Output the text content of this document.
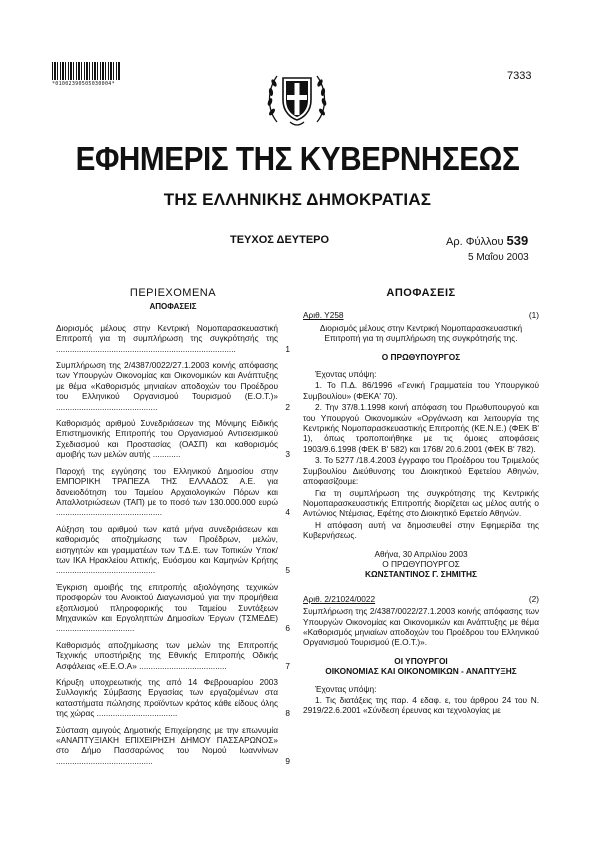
*01002390505030004*
7333
ΕΦΗΜΕΡΙΣ ΤΗΣ ΚΥΒΕΡΝΗΣΕΩΣ
ΤΗΣ ΕΛΛΗΝΙΚΗΣ ΔΗΜΟΚΡΑΤΙΑΣ
ΤΕΥΧΟΣ ΔΕΥΤΕΡΟ	Αρ. Φύλλου 539
5 Μαΐου 2003
ΠΕΡΙΕΧΟΜΕΝΑ
ΑΠΟΦΑΣΕΙΣ
Διορισμός μέλους στην Κεντρική Νομοπαρασκευαστική Επιτροπή για τη συμπλήρωση της συγκρότησής της ..............................................................................	1
Συμπλήρωση της 2/4387/0022/27.1.2003 κοινής απόφασης των Υπουργών Οικονομίας και Οικονομικών και Ανάπτυξης με θέμα «Καθορισμός μηνιαίων αποδοχών του Προέδρου του Ελληνικού Οργανισμού Τουρισμού (Ε.Ο.Τ.)» ............................................	2
Καθορισμός αριθμού Συνεδριάσεων της Μόνιμης Ειδικής Επιστημονικής Επιτροπής του Οργανισμού Αντισεισμικού Σχεδιασμού και Προστασίας (ΟΑΣΠ) και καθορισμός αμοιβής των μελών αυτής ............	3
Παροχή της εγγύησης του Ελληνικού Δημοσίου στην ΕΜΠΟΡΙΚΗ ΤΡΑΠΕΖΑ ΤΗΣ ΕΛΛΑΔΟΣ Α.Ε. για δανειοδότηση του Ταμείου Αρχαιολογικών Πόρων και Απαλλοτριώσεων (ΤΑΠ) με το ποσό των 130.000.000 ευρώ ..............................................	4
Αύξηση του αριθμού των κατά μήνα συνεδριάσεων και καθορισμός αποζημίωσης των Προέδρων, μελών, εισηγητών και γραμματέων των Τ.Δ.Ε. των Τοπικών Υποκ/των ΙΚΑ Ηρακλείου Αττικής, Ευόσμου και Καμηνών Κρήτης ...........................................	5
Έγκριση αμοιβής της επιτροπής αξιολόγησης τεχνικών προσφορών του Ανοικτού Διαγωνισμού για την προμήθεια εξοπλισμού πληροφορικής του Ταμείου Συντάξεων Μηχανικών και Εργοληπτών Δημοσίων Έργων (ΤΣΜΕΔΕ) ..................................	6
Καθορισμός αποζημίωσης των μελών της Επιτροπής Τεχνικής υποστήριξης της Εθνικής Επιτροπής Οδικής Ασφάλειας «Ε.Ε.Ο.Α» ......................................	7
Κήρυξη υποχρεωτικής της από 14 Φεβρουαρίου 2003 Συλλογικής Σύμβασης Εργασίας των εργαζομένων στα καταστήματα πώλησης προϊόντων κράτος κάθε είδους όλης της χώρας ...................................	8
Σύσταση αμιγούς Δημοτικής Επιχείρησης με την επωνυμία «ΑΝΑΠΤΥΞΙΑΚΗ ΕΠΙΧΕΙΡΗΣΗ ΔΗΜΟΥ ΠΑΣΣΑΡΩΝΟΣ» στο Δήμο Πασσαρώνος του Νομού Ιωαννίνων ..........................................	9
ΑΠΟΦΑΣΕΙΣ
Αριθ. Υ258	(1)
Διορισμός μέλους στην Κεντρική Νομοπαρασκευαστική Επιτροπή για τη συμπλήρωση της συγκρότησής της.
Ο ΠΡΩΘΥΠΟΥΡΓΟΣ
Έχοντας υπόψη:
1. Το Π.Δ. 86/1996 «Γενική Γραμματεία του Υπουργικού Συμβουλίου» (ΦΕΚΑ' 70).
2. Την 37/8.1.1998 κοινή απόφαση του Πρωθυπουργού και του Υπουργού Οικονομικών «Οργάνωση και λειτουργία της Κεντρικής Νομοπαρασκευαστικής Επιτροπής (ΚΕ.Ν.Ε.) (ΦΕΚ Β' 1), όπως τροποποιήθηκε με τις όμοιες αποφάσεις 1903/9.6.1998 (ΦΕΚ Β' 582) και 1768/ 20.6.2001 (ΦΕΚ Β' 782).
3. Το 5277 /18.4.2003 έγγραφο του Προέδρου του Τριμελούς Συμβουλίου Διεύθυνσης του Διοικητικού Εφετείου Αθηνών, αποφασίζουμε:
Για τη συμπλήρωση της συγκρότησης της Κεντρικής Νομοπαρασκευαστικής Επιτροπής διορίζεται ως μέλος αυτής ο Αντώνιος Ντέμσιας, Εφέτης στο Διοικητικό Εφετείο Αθηνών.
Η απόφαση αυτή να δημοσιευθεί στην Εφημερίδα της Κυβερνήσεως.
Αθήνα, 30 Απριλίου 2003
Ο ΠΡΩΘΥΠΟΥΡΓΟΣ
ΚΩΝΣΤΑΝΤΙΝΟΣ Γ. ΣΗΜΙΤΗΣ
Αριθ. 2/21024/0022	(2)
Συμπλήρωση της 2/4387/0022/27.1.2003 κοινής απόφασης των Υπουργών Οικονομίας και Οικονομικών και Ανάπτυξης με θέμα «Καθορισμός μηνιαίων αποδοχών του Προέδρου του Ελληνικού Οργανισμού Τουρισμού (Ε.Ο.Τ.)».
ΟΙ ΥΠΟΥΡΓΟΙ
ΟΙΚΟΝΟΜΙΑΣ ΚΑΙ ΟΙΚΟΝΟΜΙΚΩΝ - ΑΝΑΠΤΥΞΗΣ
Έχοντας υπόψη:
1. Τις διατάξεις της παρ. 4 εδαφ. ε, του άρθρου 24 του Ν. 2919/22.6.2001 «Σύνδεση έρευνας και τεχνολογίας με
